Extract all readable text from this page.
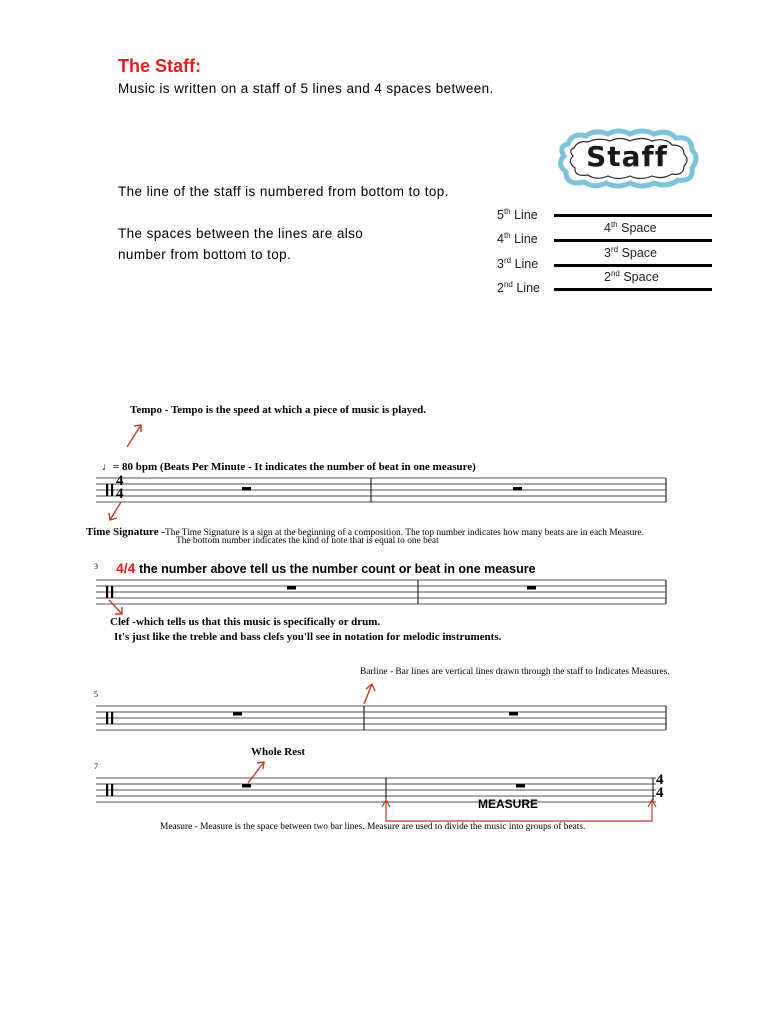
The Staff:
Music is written on a staff of 5 lines and 4 spaces between.
The line of the staff is numbered from bottom to top.
The spaces between the lines are also
number from bottom to top.
Staff
5th Line
4th Line
3rd Line
2nd Line
4th Space
3rd Space
2nd Space
Tempo - Tempo is the speed at which a piece of music is played.
♩= 80 bpm (Beats Per Minute - It indicates the number of beat in one measure)
4
4
Time Signature -The Time Signature is a sign at the beginning of a composition. The top number indicates how many beats are in each Measure.
The bottom number indicates the kind of note that is equal to one beat
3 4/4 the number above tell us the number count or beat in one measure
Clef -which tells us that this music is specifically or drum.
It's just like the treble and bass clefs you'll see in notation for melodic instruments.
Barline - Bar lines are vertical lines drawn through the staff to Indicates Measures.
5
Whole Rest
7
4
4
MEASURE
Measure - Measure is the space between two bar lines. Measure are used to divide the music into groups of beats.
